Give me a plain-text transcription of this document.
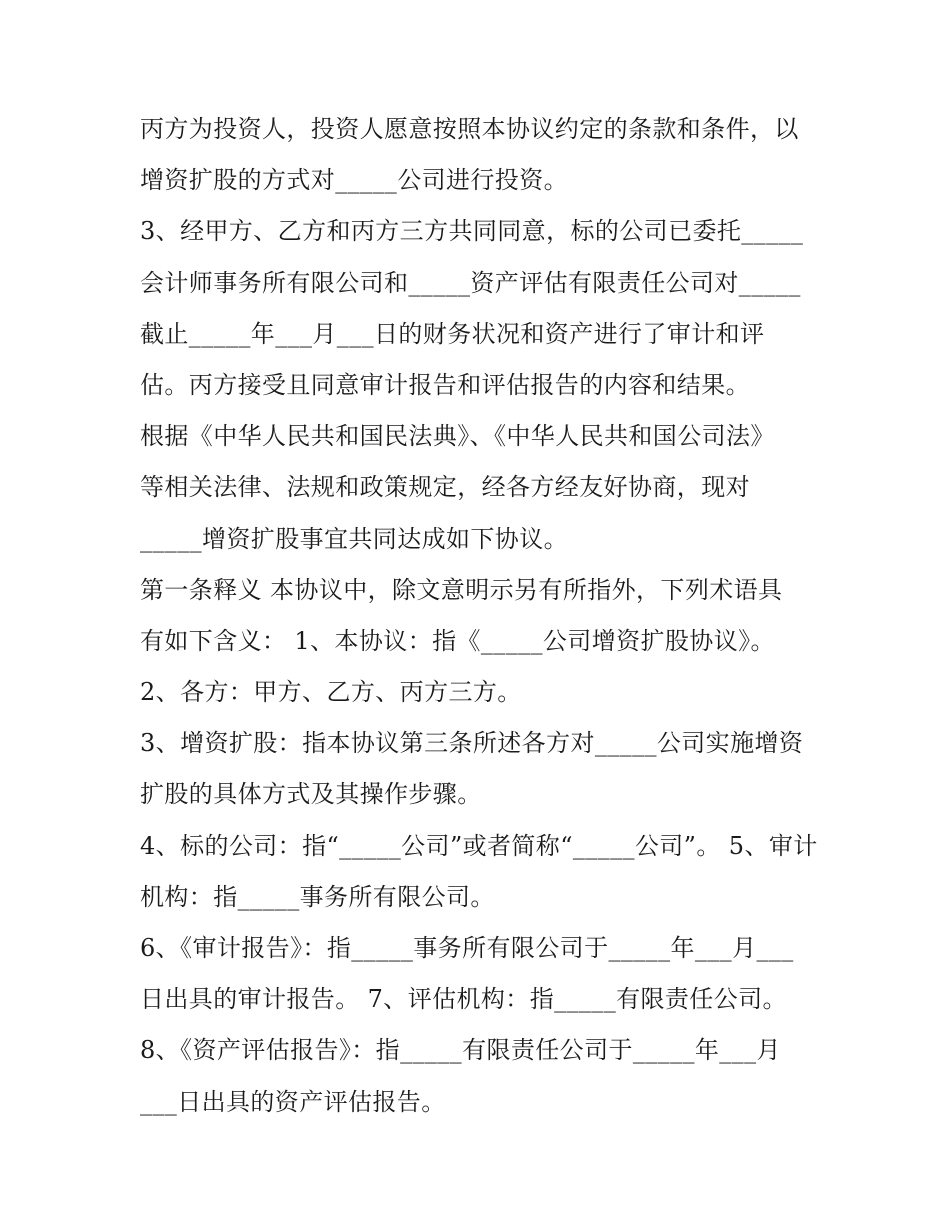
丙方为投资人，投资人愿意按照本协议约定的条款和条件，以
增资扩股的方式对_____公司进行投资。
3、经甲方、乙方和丙方三方共同同意，标的公司已委托_____
会计师事务所有限公司和_____资产评估有限责任公司对_____
截止_____年___月___日的财务状况和资产进行了审计和评
估。丙方接受且同意审计报告和评估报告的内容和结果。
根据《中华人民共和国民法典》、《中华人民共和国公司法》
等相关法律、法规和政策规定，经各方经友好协商，现对
_____增资扩股事宜共同达成如下协议。
第一条释义 本协议中，除文意明示另有所指外，下列术语具
有如下含义： 1、本协议：指《_____公司增资扩股协议》。
2、各方：甲方、乙方、丙方三方。
3、增资扩股：指本协议第三条所述各方对_____公司实施增资
扩股的具体方式及其操作步骤。
4、标的公司：指“_____公司”或者简称“_____公司”。 5、审计
机构：指_____事务所有限公司。
6、《审计报告》：指_____事务所有限公司于_____年___月___
日出具的审计报告。 7、评估机构：指_____有限责任公司。
8、《资产评估报告》：指_____有限责任公司于_____年___月
___日出具的资产评估报告。
